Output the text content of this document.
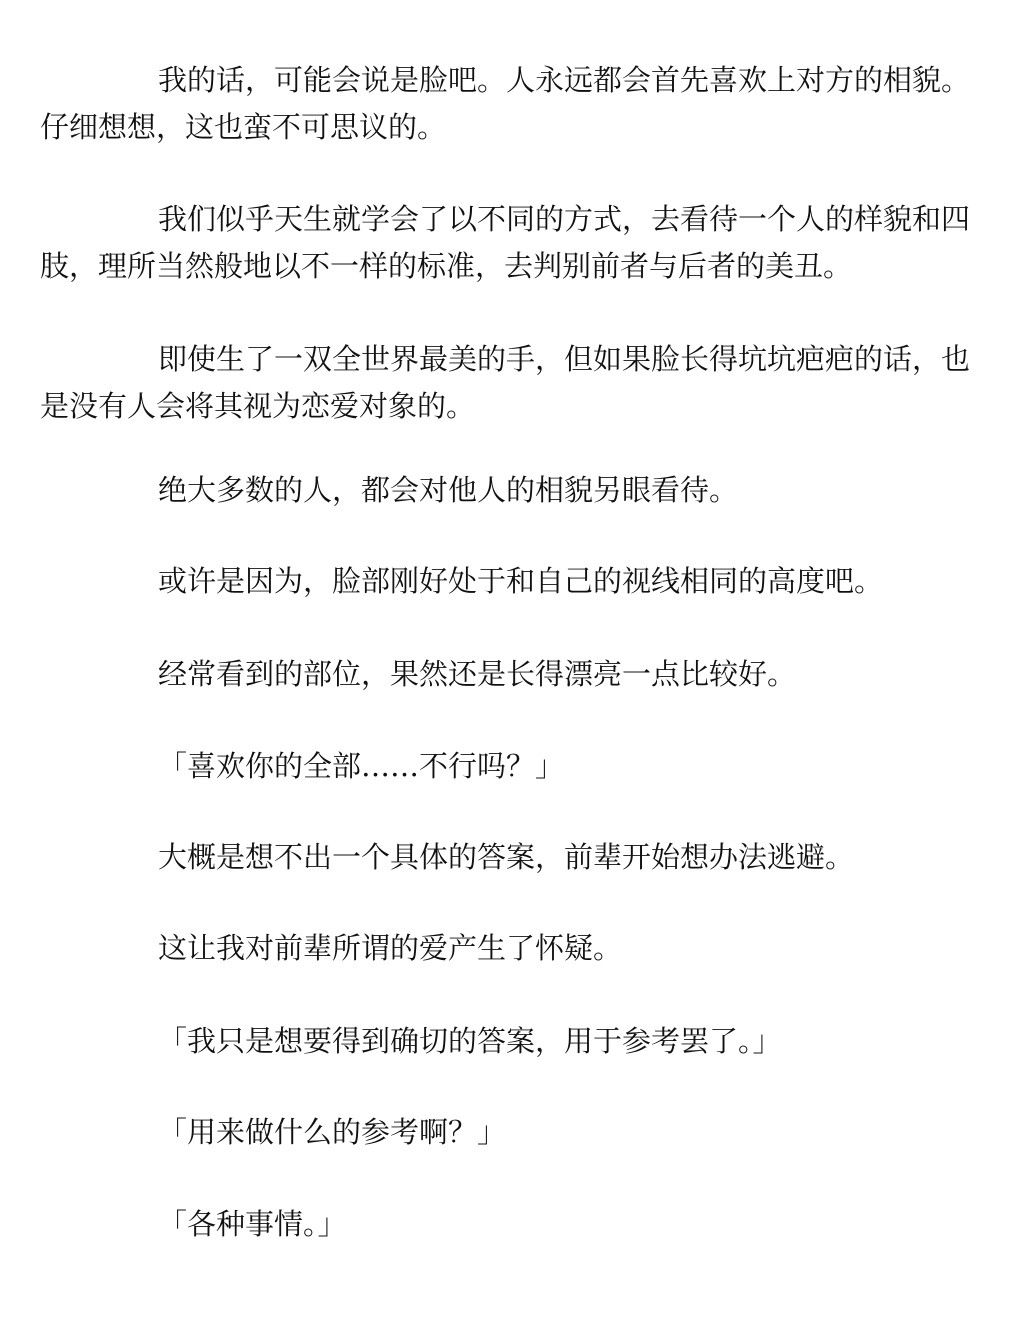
我的话，可能会说是脸吧。人永远都会首先喜欢上对方的相貌。仔细想想，这也蛮不可思议的。

我们似乎天生就学会了以不同的方式，去看待一个人的样貌和四肢，理所当然般地以不一样的标准，去判别前者与后者的美丑。

即使生了一双全世界最美的手，但如果脸长得坑坑疤疤的话，也是没有人会将其视为恋爱对象的。

绝大多数的人，都会对他人的相貌另眼看待。

或许是因为，脸部刚好处于和自己的视线相同的高度吧。

经常看到的部位，果然还是长得漂亮一点比较好。

「喜欢你的全部……不行吗？」

大概是想不出一个具体的答案，前辈开始想办法逃避。

这让我对前辈所谓的爱产生了怀疑。

「我只是想要得到确切的答案，用于参考罢了。」

「用来做什么的参考啊？」

「各种事情。」
